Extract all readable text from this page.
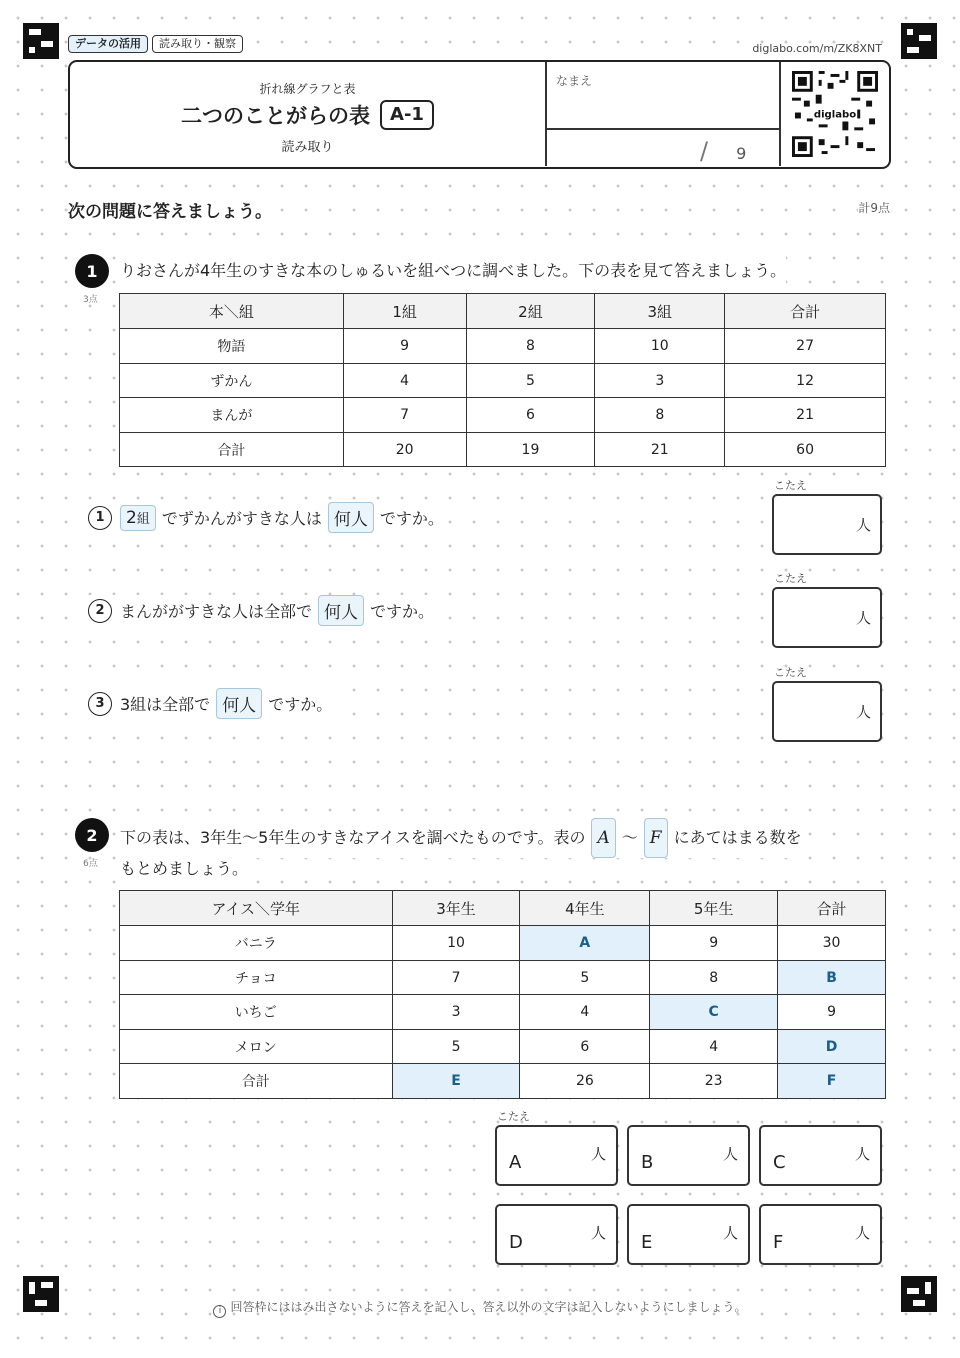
データの活用	読み取り・観察	diglabo.com/m/ZK8XNT
折れ線グラフと表
二つのことがらの表	A-1
読み取り
なまえ
/ 9
diglabo
次の問題に答えましょう。	計9点
1
3点
りおさんが4年生のすきな本のしゅるいを組べつに調べました。下の表を見て答えましょう。
本＼組	1組	2組	3組	合計
物語	9	8	10	27
ずかん	4	5	3	12
まんが	7	6	8	21
合計	20	19	21	60
1	2組 でずかんがすきな人は 何人 ですか。
こたえ
人
2 まんががすきな人は全部で 何人 ですか。
こたえ
人
3 3組は全部で 何人 ですか。
こたえ
人
2
6点
下の表は、3年生〜5年生のすきなアイスを調べたものです。表の A 〜 F にあてはまる数を
もとめましょう。
アイス＼学年	3年生	4年生	5年生	合計
バニラ	10	A	9	30
チョコ	7	5	8	B
いちご	3	4	C	9
メロン	5	6	4	D
合計	E	26	23	F
こたえ
A	人 B	人 C	人
D	人 E	人 F	人
i 回答枠にははみ出さないように答えを記入し、答え以外の文字は記入しないようにしましょう。
